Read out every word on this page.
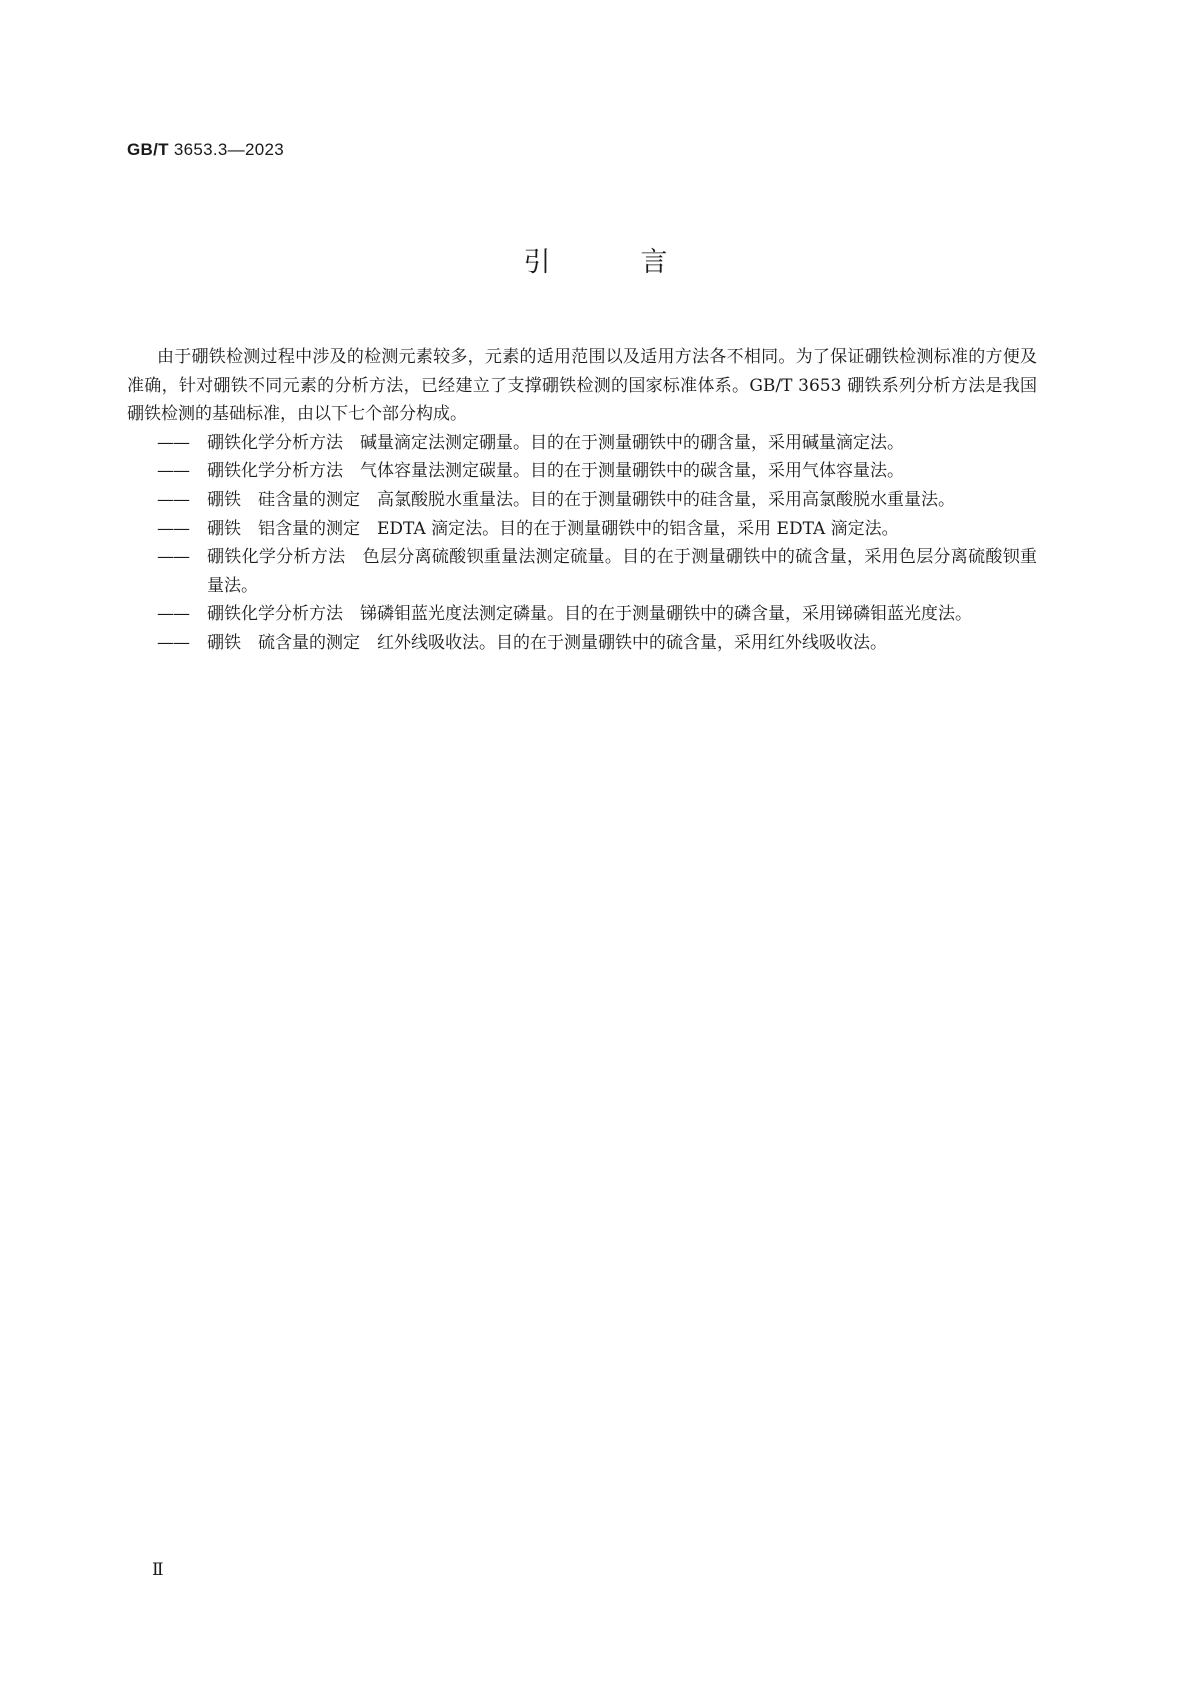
GB/T 3653.3—2023
引	言

由于硼铁检测过程中涉及的检测元素较多，元素的适用范围以及适用方法各不相同。为了保证硼铁检测标准的方便及准确，针对硼铁不同元素的分析方法，已经建立了支撑硼铁检测的国家标准体系。GB/T 3653 硼铁系列分析方法是我国硼铁检测的基础标准，由以下七个部分构成。

——	硼铁化学分析方法　碱量滴定法测定硼量。目的在于测量硼铁中的硼含量，采用碱量滴定法。

——	硼铁化学分析方法　气体容量法测定碳量。目的在于测量硼铁中的碳含量，采用气体容量法。

——	硼铁　硅含量的测定　高氯酸脱水重量法。目的在于测量硼铁中的硅含量，采用高氯酸脱水重量法。

——	硼铁　铝含量的测定　EDTA 滴定法。目的在于测量硼铁中的铝含量，采用 EDTA 滴定法。

——	硼铁化学分析方法　色层分离硫酸钡重量法测定硫量。目的在于测量硼铁中的硫含量，采用色层分离硫酸钡重量法。

——	硼铁化学分析方法　锑磷钼蓝光度法测定磷量。目的在于测量硼铁中的磷含量，采用锑磷钼蓝光度法。

——	硼铁　硫含量的测定　红外线吸收法。目的在于测量硼铁中的硫含量，采用红外线吸收法。

Ⅱ
